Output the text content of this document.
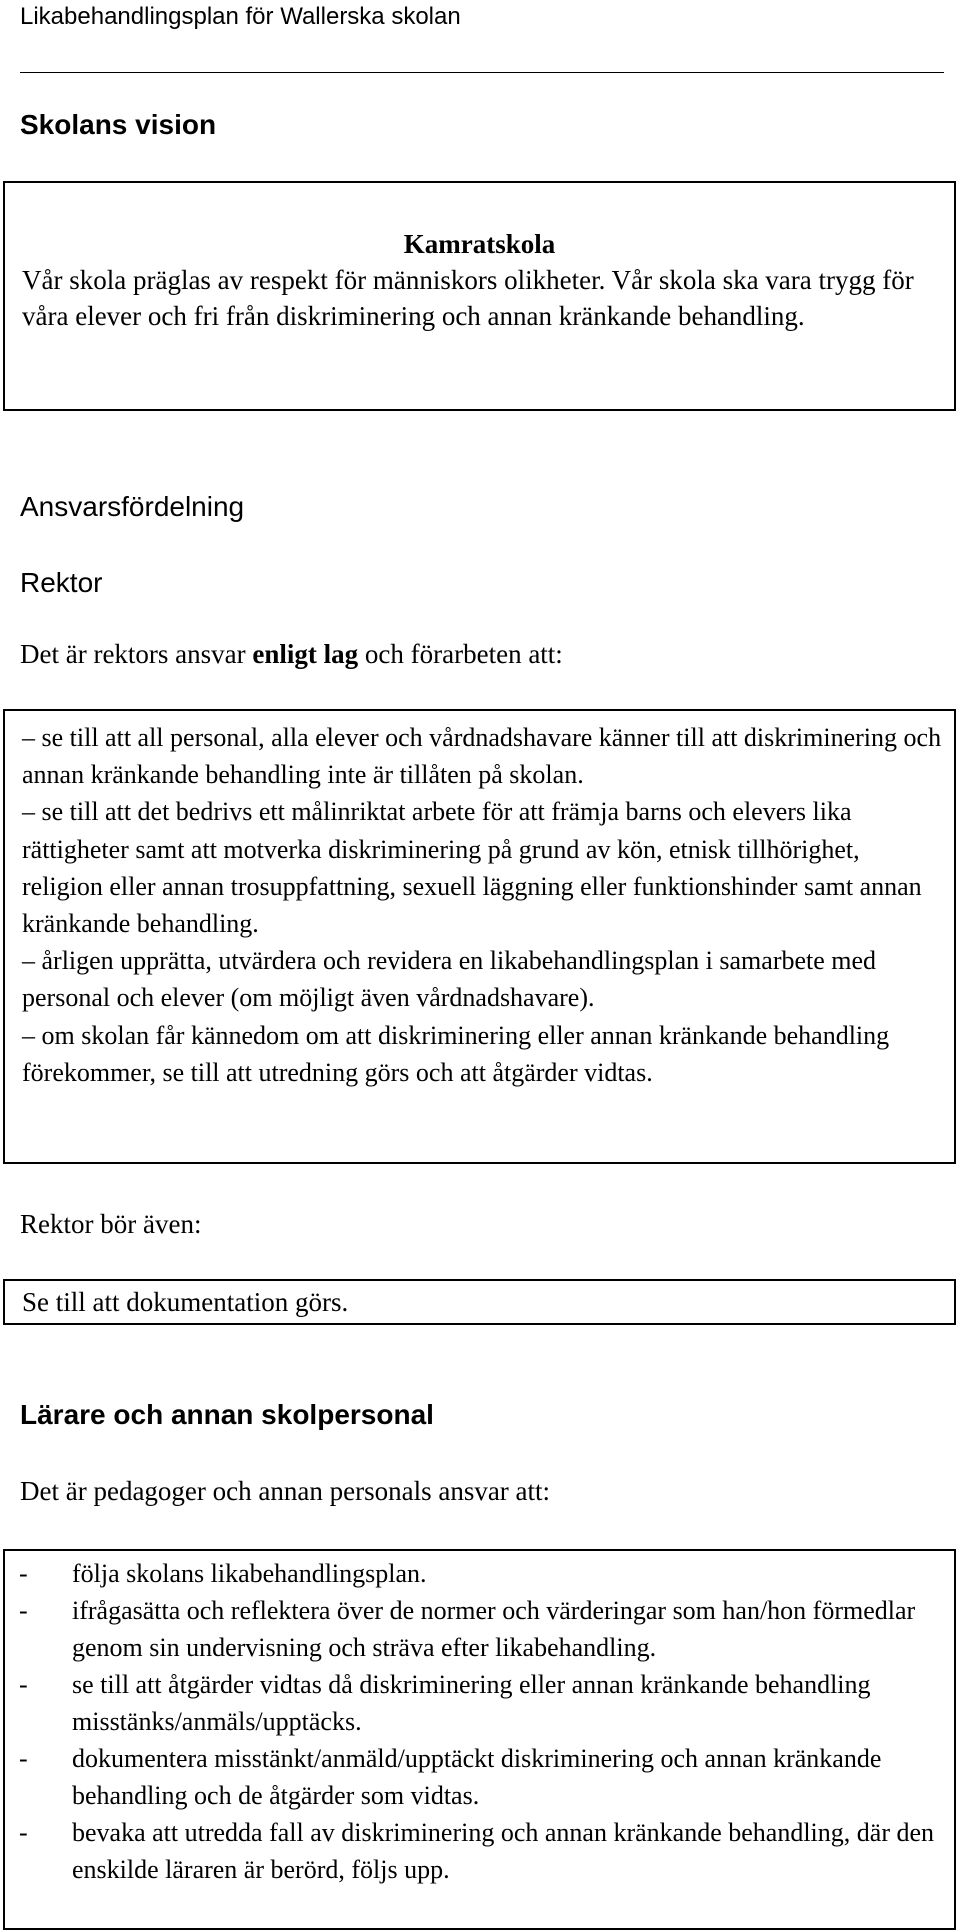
Likabehandlingsplan för Wallerska skolan
Skolans vision
Kamratskola
Vår skola präglas av respekt för människors olikheter. Vår skola ska vara trygg för våra elever och fri från diskriminering och annan kränkande behandling.
Ansvarsfördelning
Rektor
Det är rektors ansvar enligt lag och förarbeten att:

– se till att all personal, alla elever och vårdnadshavare känner till att diskriminering och annan kränkande behandling inte är tillåten på skolan.

– se till att det bedrivs ett målinriktat arbete för att främja barns och elevers lika rättigheter samt att motverka diskriminering på grund av kön, etnisk tillhörighet, religion eller annan trosuppfattning, sexuell läggning eller funktionshinder samt annan kränkande behandling.

– årligen upprätta, utvärdera och revidera en likabehandlingsplan i samarbete med personal och elever (om möjligt även vårdnadshavare).

– om skolan får kännedom om att diskriminering eller annan kränkande behandling förekommer, se till att utredning görs och att åtgärder vidtas.

Rektor bör även:
Se till att dokumentation görs.
Lärare och annan skolpersonal
Det är pedagoger och annan personals ansvar att:
-	följa skolans likabehandlingsplan.
-	ifrågasätta och reflektera över de normer och värderingar som han/hon förmedlar genom sin undervisning och sträva efter likabehandling.
-	se till att åtgärder vidtas då diskriminering eller annan kränkande behandling misstänks/anmäls/upptäcks.
-	dokumentera misstänkt/anmäld/upptäckt diskriminering och annan kränkande behandling och de åtgärder som vidtas.
-	bevaka att utredda fall av diskriminering och annan kränkande behandling, där den enskilde läraren är berörd, följs upp.
